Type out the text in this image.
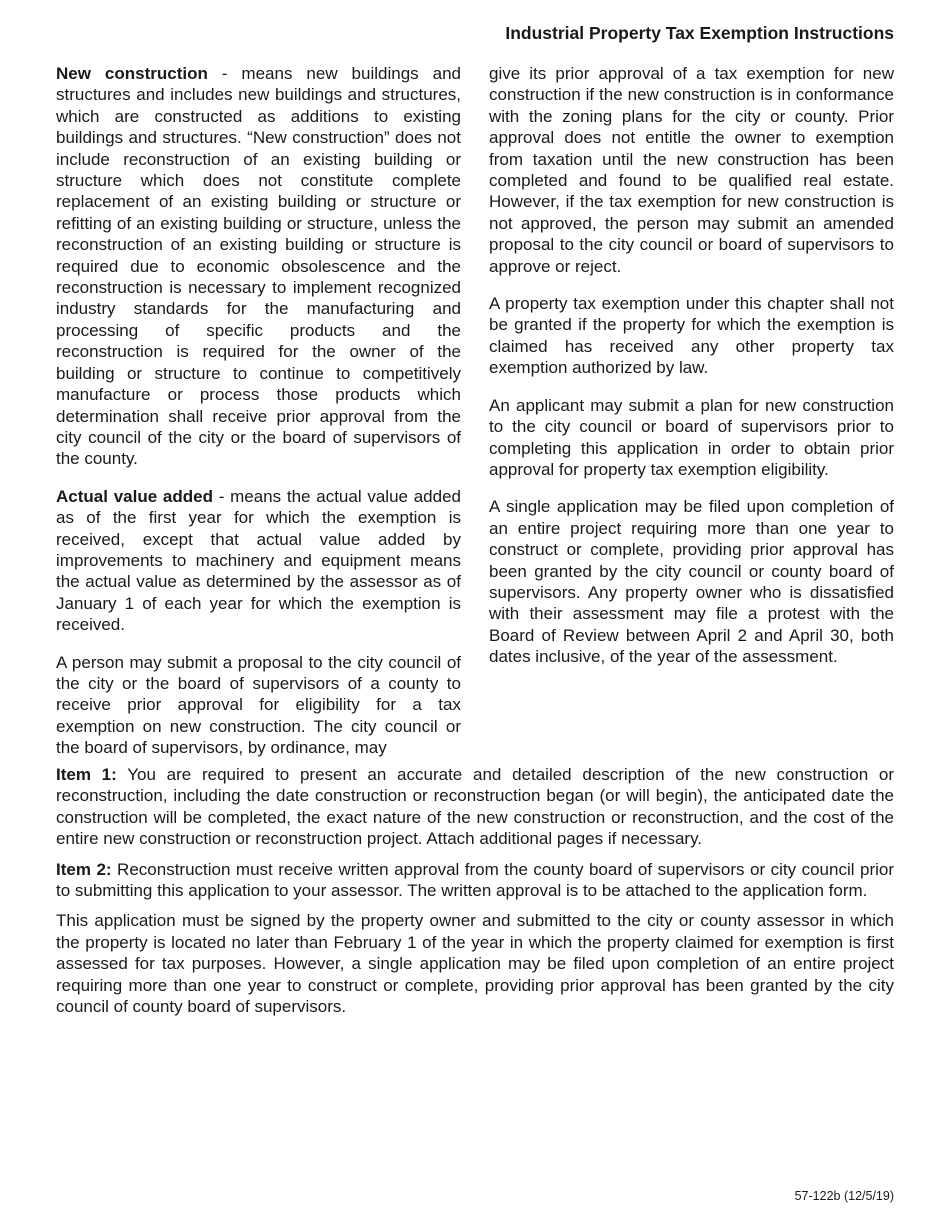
Industrial Property Tax Exemption Instructions

New construction - means new buildings and structures and includes new buildings and structures, which are constructed as additions to existing buildings and structures. “New construction” does not include reconstruction of an existing building or structure which does not constitute complete replacement of an existing building or structure or refitting of an existing building or structure, unless the reconstruction of an existing building or structure is required due to economic obsolescence and the reconstruction is necessary to implement recognized industry standards for the manufacturing and processing of specific products and the reconstruction is required for the owner of the building or structure to continue to competitively manufacture or process those products which determination shall receive prior approval from the city council of the city or the board of supervisors of the county.

Actual value added - means the actual value added as of the first year for which the exemption is received, except that actual value added by improvements to machinery and equipment means the actual value as determined by the assessor as of January 1 of each year for which the exemption is received.

A person may submit a proposal to the city council of the city or the board of supervisors of a county to receive prior approval for eligibility for a tax exemption on new construction. The city council or the board of supervisors, by ordinance, may

give its prior approval of a tax exemption for new construction if the new construction is in conformance with the zoning plans for the city or county. Prior approval does not entitle the owner to exemption from taxation until the new construction has been completed and found to be qualified real estate. However, if the tax exemption for new construction is not approved, the person may submit an amended proposal to the city council or board of supervisors to approve or reject.

A property tax exemption under this chapter shall not be granted if the property for which the exemption is claimed has received any other property tax exemption authorized by law.

An applicant may submit a plan for new construction to the city council or board of supervisors prior to completing this application in order to obtain prior approval for property tax exemption eligibility.

A single application may be filed upon completion of an entire project requiring more than one year to construct or complete, providing prior approval has been granted by the city council or county board of supervisors. Any property owner who is dissatisfied with their assessment may file a protest with the Board of Review between April 2 and April 30, both dates inclusive, of the year of the assessment.

Item 1: You are required to present an accurate and detailed description of the new construction or reconstruction, including the date construction or reconstruction began (or will begin), the anticipated date the construction will be completed, the exact nature of the new construction or reconstruction, and the cost of the entire new construction or reconstruction project. Attach additional pages if necessary.

Item 2: Reconstruction must receive written approval from the county board of supervisors or city council prior to submitting this application to your assessor. The written approval is to be attached to the application form.

This application must be signed by the property owner and submitted to the city or county assessor in which the property is located no later than February 1 of the year in which the property claimed for exemption is first assessed for tax purposes. However, a single application may be filed upon completion of an entire project requiring more than one year to construct or complete, providing prior approval has been granted by the city council of county board of supervisors.

57-122b (12/5/19)
